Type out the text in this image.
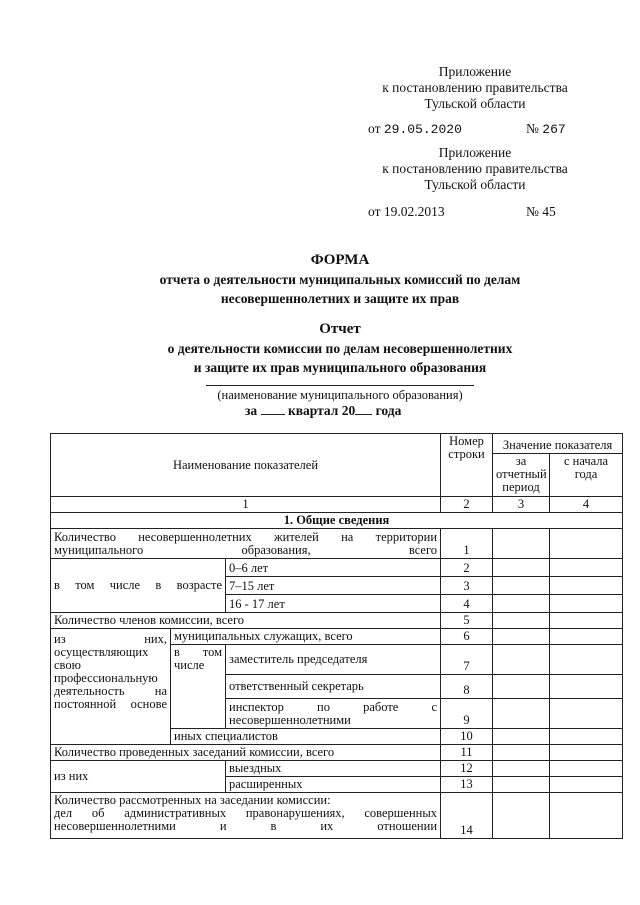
Приложение
к постановлению правительства
Тульской области
от 29.05.2020	№ 267
Приложение
к постановлению правительства
Тульской области
от 19.02.2013	№ 45
ФОРМА
отчета о деятельности муниципальных комиссий по делам
несовершеннолетних и защите их прав
Отчет
о деятельности комиссии по делам несовершеннолетних
и защите их прав муниципального образования
(наименование муниципального образования)
за квартал 20 года
Наименование показателей			Номер строки	Значение показателя	
				за отчетный период	с начала года
1			2	3	4
1. Общие сведения					
Количество несовершеннолетних жителей на территории муниципального образования, всего			1		
в том числе в возрасте		0–6 лет	2		
		7–15 лет	3		
		16 - 17 лет	4		
Количество членов комиссии, всего			5		
из них, осуществляющих свою профессиональную деятельность на постоянной основе	муниципальных служащих, всего		6		
	в том числе	заместитель председателя	7		
		ответственный секретарь	8		
		инспектор по работе с несовершеннолетними	9		
	иных специалистов		10		
Количество проведенных заседаний комиссии, всего			11		
из них		выездных	12		
		расширенных	13		

Количество рассмотренных на заседании комиссии:
дел об административных правонарушениях, совершенных несовершеннолетними и в их отношении			14		
